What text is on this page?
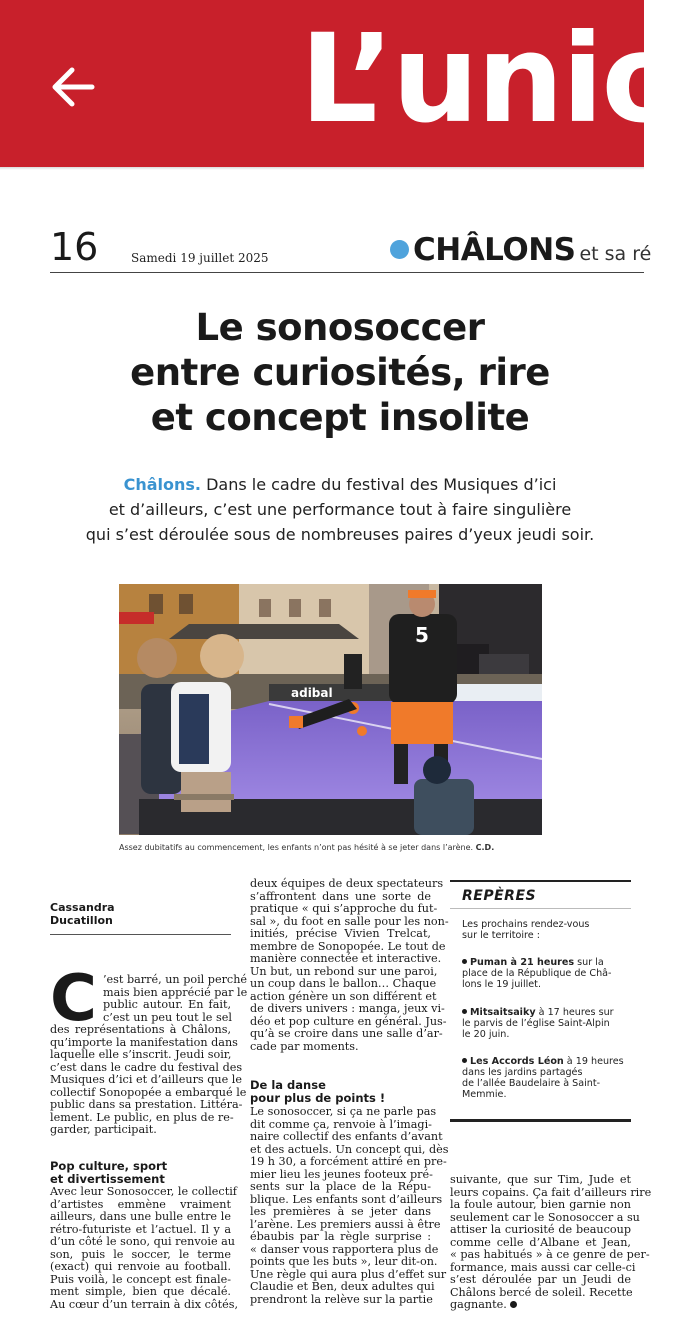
L’unio
16	Samedi 19 juillet 2025	CHÂLONS et sa ré
Le sonosoccer
entre curiosités, rire
et concept insolite
Châlons. Dans le cadre du festival des Musiques d’ici
et d’ailleurs, c’est une performance tout à faire singulière
qui s’est déroulée sous de nombreuses paires d’yeux jeudi soir.
adibal
5
Assez dubitatifs au commencement, les enfants n’ont pas hésité à se jeter dans l’arène. C.D.
Cassandra
Ducatillon
C ’est barré, un poil perché
mais bien apprécié par le
public autour. En fait,
c’est un peu tout le sel
des représentations à Châlons,
qu’importe la manifestation dans
laquelle elle s’inscrit. Jeudi soir,
c’est dans le cadre du festival des
Musiques d’ici et d’ailleurs que le
collectif Sonopopée a embarqué le
public dans sa prestation. Littéra-
lement. Le public, en plus de re-
garder, participait.
Pop culture, sport
et divertissement
Avec leur Sonosoccer, le collectif
d’artistes emmène vraiment
ailleurs, dans une bulle entre le
rétro-futuriste et l’actuel. Il y a
d’un côté le sono, qui renvoie au
son, puis le soccer, le terme
(exact) qui renvoie au football.
Puis voilà, le concept est finale-
ment simple, bien que décalé.
Au cœur d’un terrain à dix côtés,
deux équipes de deux spectateurs
s’affrontent dans une sorte de
pratique « qui s’approche du fut-
sal », du foot en salle pour les non-
initiés, précise Vivien Trelcat,
membre de Sonopopée. Le tout de
manière connectée et interactive.
Un but, un rebond sur une paroi,
un coup dans le ballon… Chaque
action génère un son différent et
de divers univers : manga, jeux vi-
déo et pop culture en général. Jus-
qu’à se croire dans une salle d’ar-
cade par moments.
De la danse
pour plus de points !
Le sonosoccer, si ça ne parle pas
dit comme ça, renvoie à l’imagi-
naire collectif des enfants d’avant
et des actuels. Un concept qui, dès
19 h 30, a forcément attiré en pre-
mier lieu les jeunes footeux pré-
sents sur la place de la Répu-
blique. Les enfants sont d’ailleurs
les premières à se jeter dans
l’arène. Les premiers aussi à être
ébaubis par la règle surprise :
« danser vous rapportera plus de
points que les buts », leur dit-on.
Une règle qui aura plus d’effet sur
Claudie et Ben, deux adultes qui
prendront la relève sur la partie
REPÈRES
Les prochains rendez-vous
sur le territoire :
Puman à 21 heures sur la
place de la République de Châ-
lons le 19 juillet.
Mitsaitsaiky à 17 heures sur
le parvis de l’église Saint-Alpin
le 20 juin.
Les Accords Léon à 19 heures
dans les jardins partagés
de l’allée Baudelaire à Saint-
Memmie.
suivante, que sur Tim, Jude et
leurs copains. Ça fait d’ailleurs rire
la foule autour, bien garnie non
seulement car le Sonosoccer a su
attiser la curiosité de beaucoup
comme celle d’Albane et Jean,
« pas habitués » à ce genre de per-
formance, mais aussi car celle-ci
s’est déroulée par un Jeudi de
Châlons bercé de soleil. Recette
gagnante.
